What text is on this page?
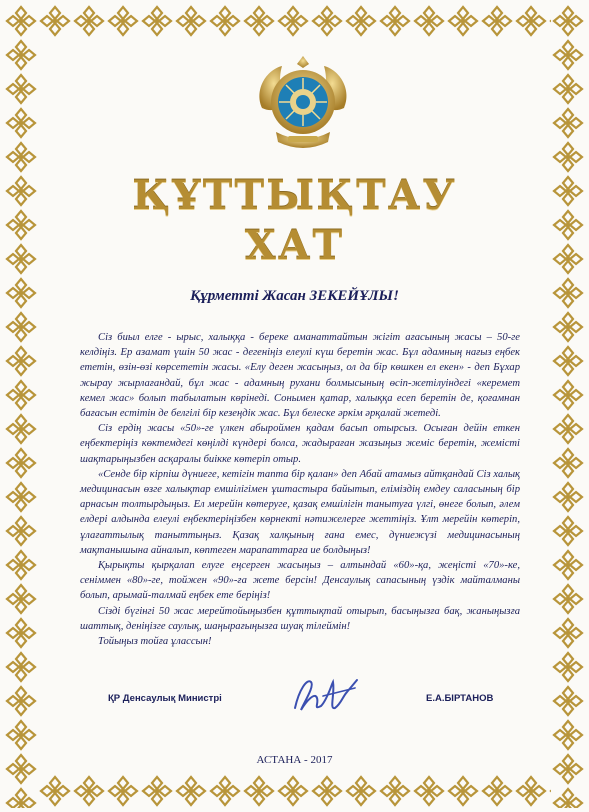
ҚҰТТЫҚТАУ
ХАТ
Құрметті Жасан ЗЕКЕЙҰЛЫ!

Сіз биыл елге - ырыс, халыққа - береке аманаттайтын жігіт ағасының жасы – 50-ге келдіңіз. Ер азамат үшін 50 жас - дегеніңіз елеулі күш беретін жас. Бұл адамның нағыз еңбек ететін, өзін-өзі көрсететін жасы. «Елу деген жасыңыз, ол да бір көшкен ел екен» - деп Бұхар жырау жырлағандай, бұл жас - адамның рухани болмысының өсіп-жетілуіндегі «керемет кемел жас» болып табылатын көрінеді. Сонымен қатар, халыққа есеп беретін де, қоғамнан бағасын естітін де белгілі бір кезеңдік жас. Бұл белеске әркім әрқалай жетеді.

Сіз ердің жасы «50»-ге үлкен абыроймен қадам басып отырсыз. Осыған дейін еткен еңбектеріңіз көктемдегі көңілді күндері болса, жадыраған жазыңыз жеміс беретін, жемісті шақтарыңызбен асқаралы биікке көтеріп отыр.

«Сенде бір кірпіш дүниеге, кетігін тапта бір қалан» деп Абай атамыз айтқандай Сіз халық медицинасын өзге халықтар емшілігімен ұштастыра байытып, еліміздің емдеу саласының бір арнасын толтырдыңыз. Ел мерейін көтеруге, қазақ емшілігін танытуға үлгі, өнеге болып, әлем елдері алдында елеулі еңбектеріңізбен көрнекті нәтижелерге жеттіңіз. Ұлт мерейін көтеріп, ұлағаттылық таныттыңыз. Қазақ халқының ғана емес, дүниежүзі медицинасының мақтанышына айналып, көптеген марапаттарға ие болдыңыз!

Қырықты қырқалап елуге еңсерген жасыңыз – алтындай «60»-қа, жеңісті «70»-ке, сеніммен «80»-ге, тойжен «90»-ға жете берсін! Денсаулық сапасының үздік майталманы болып, арымай-талмай еңбек ете беріңіз!

Сізді бүгінгі 50 жас мерейтойыңызбен құттықтай отырып, басыңызға бақ, жаныңызға шаттық, деніңізге саулық, шаңырағыңызға шуақ тілеймін!

Тойыңыз тойға ұлассын!

ҚР Денсаулық Министрі	Е.А.БІРТАНОВ
АСТАНА - 2017
